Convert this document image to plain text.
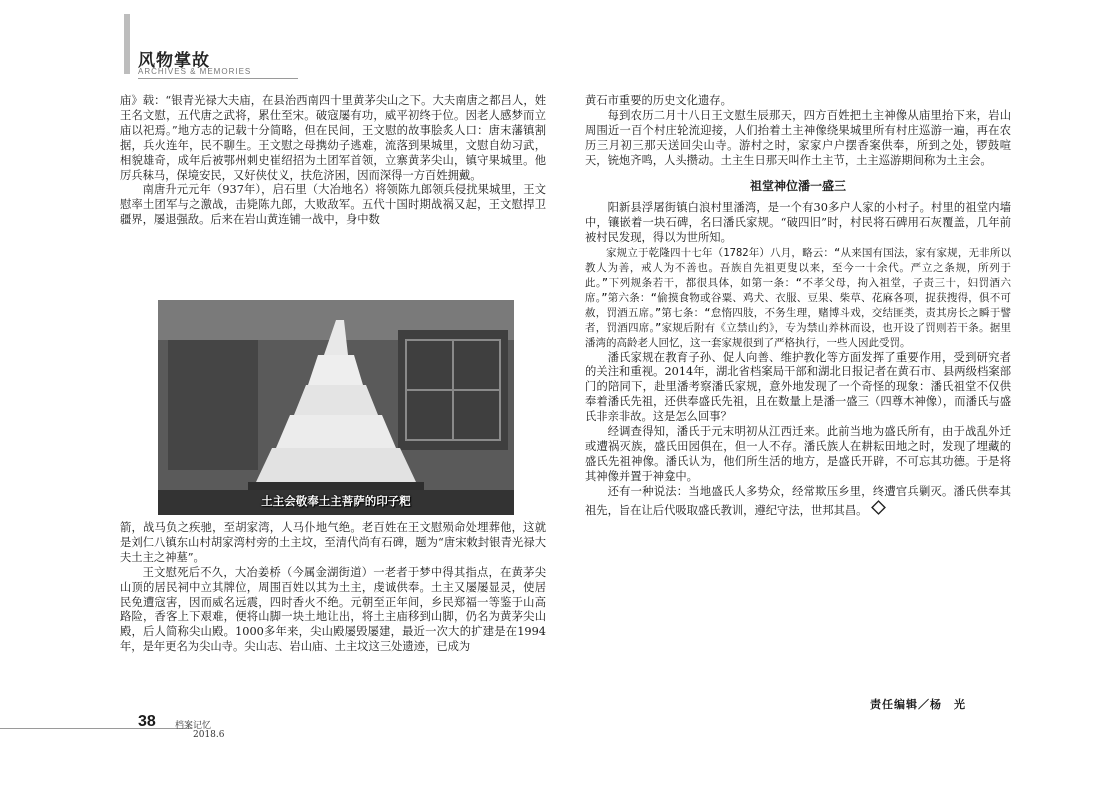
风物掌故
ARCHIVES & MEMORIES

庙》载：“银青光禄大夫庙，在县治西南四十里黄茅尖山之下。大夫南唐之都吕人，姓王名文慰，五代唐之武将，累仕至宋。破寇屡有功，威平初终于位。因老人感梦而立庙以祀焉。”地方志的记载十分简略，但在民间，王文慰的故事脍炙人口：唐末藩镇割据，兵火连年，民不聊生。王文慰之母携幼子逃难，流落到果城里，文慰自幼习武，相貌雄奇，成年后被鄂州刺史崔绍招为土团军首领，立寨黄茅尖山，镇守果城里。他厉兵秣马，保境安民，又好侠仗义，扶危济困，因而深得一方百姓拥戴。

南唐升元元年（937年），启石里（大冶地名）将领陈九郎领兵侵扰果城里，王文慰率土团军与之激战，击毙陈九郎，大败敌军。五代十国时期战祸又起，王文慰捍卫疆界，屡退强敌。后来在岩山黄连铺一战中，身中数

土主会敬奉土主菩萨的印子粑

箭，战马负之疾驰，至胡家湾，人马仆地气绝。老百姓在王文慰殒命处埋葬他，这就是刘仁八镇东山村胡家湾村旁的土主坟，至清代尚有石碑，题为“唐宋敕封银青光禄大夫土主之神墓”。

王文慰死后不久，大冶姜桥（今属金湖街道）一老者于梦中得其指点，在黄茅尖山顶的居民祠中立其牌位，周围百姓以其为土主，虔诚供奉。土主又屡屡显灵，使居民免遭寇害，因而威名远震，四时香火不绝。元朝至正年间，乡民郑福一等鉴于山高路险，香客上下艰难，便将山脚一块土地让出，将土主庙移到山脚，仍名为黄茅尖山殿，后人简称尖山殿。1000多年来，尖山殿屡毁屡建，最近一次大的扩建是在1994年，是年更名为尖山寺。尖山志、岩山庙、土主坟这三处遗迹，已成为

黄石市重要的历史文化遗存。

每到农历二月十八日王文慰生辰那天，四方百姓把土主神像从庙里抬下来，岩山周围近一百个村庄轮流迎接，人们抬着土主神像绕果城里所有村庄巡游一遍，再在农历三月初三那天送回尖山寺。游村之时，家家户户摆香案供奉，所到之处，锣鼓喧天，铳炮齐鸣，人头攒动。土主生日那天叫作土主节，土主巡游期间称为土主会。

祖堂神位潘一盛三

阳新县浮屠街镇白浪村里潘湾，是一个有30多户人家的小村子。村里的祖堂内墙中，镶嵌着一块石碑，名曰潘氏家规。“破四旧”时，村民将石碑用石灰覆盖，几年前被村民发现，得以为世所知。

家规立于乾隆四十七年（1782年）八月，略云：“从来国有国法，家有家规，无非所以教人为善，戒人为不善也。吾族自先祖更叟以来，至今一十余代。严立之条规，所列于此。”下列规条若干，都很具体，如第一条：“不孝父母，拘入祖堂，子责三十，妇罚酒六席。”第六条：“偷摸食物或谷粟、鸡犬、衣服、豆果、柴草、花麻各项，捉获搜得，俱不可赦，罚酒五席。”第七条：“怠惰四肢，不务生理，赌博斗戏，交结匪类，责其房长之瞬于譬者，罚酒四席。”家规后附有《立禁山约》，专为禁山养林而设，也开设了罚则若干条。据里潘湾的高龄老人回忆，这一套家规很到了严格执行，一些人因此受罚。

潘氏家规在教育子孙、促人向善、维护教化等方面发挥了重要作用，受到研究者的关注和重视。2014年，湖北省档案局干部和湖北日报记者在黄石市、县两级档案部门的陪同下，赴里潘考察潘氏家规，意外地发现了一个奇怪的现象：潘氏祖堂不仅供奉着潘氏先祖，还供奉盛氏先祖，且在数量上是潘一盛三（四尊木神像），而潘氏与盛氏非亲非故。这是怎么回事？

经调查得知，潘氏于元末明初从江西迁来。此前当地为盛氏所有，由于战乱外迁或遭祸灭族，盛氏田园俱在，但一人不存。潘氏族人在耕耘田地之时，发现了埋藏的盛氏先祖神像。潘氏认为，他们所生活的地方，是盛氏开辟，不可忘其功德。于是将其神像并置于神龛中。

还有一种说法：当地盛氏人多势众，经常欺压乡里，终遭官兵剿灭。潘氏供奉其祖先，旨在让后代吸取盛氏教训，遵纪守法，世邦其昌。

责任编辑／杨　光
38 档案记忆
2018.6
